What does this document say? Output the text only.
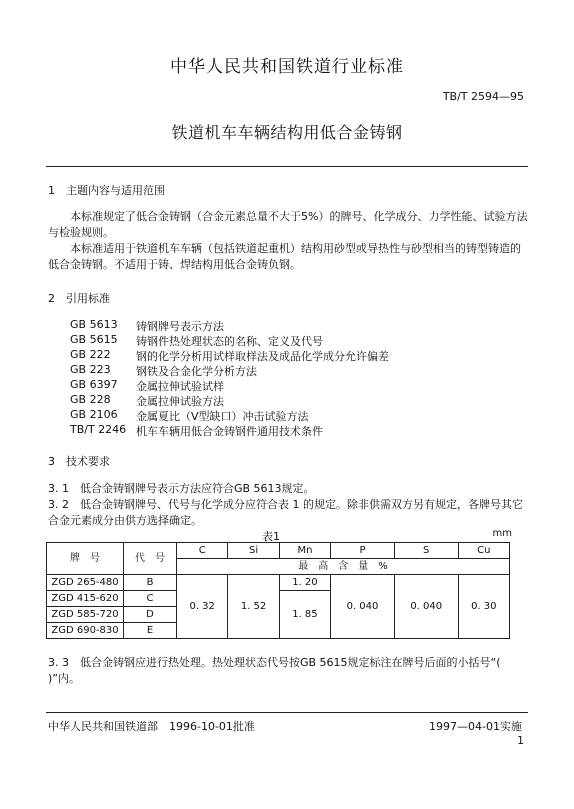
中华人民共和国铁道行业标准
TB/T 2594—95
铁道机车车辆结构用低合金铸钢
1　主题内容与适用范围
本标准规定了低合金铸钢（合金元素总量不大于5%）的牌号、化学成分、力学性能、试验方法与检验规则。
本标准适用于铁道机车车辆（包括铁道起重机）结构用砂型或导热性与砂型相当的铸型铸造的低合金铸钢。不适用于铸、焊结构用低合金铸负钢。
2　引用标准
GB 5613 铸钢牌号表示方法
GB 5615 铸钢件热处理状态的名称、定义及代号
GB 222 钢的化学分析用试样取样法及成品化学成分允许偏差
GB 223 钢铁及合金化学分析方法
GB 6397 金属拉伸试验试样
GB 228 金属拉伸试验方法
GB 2106 金属夏比（V型缺口）冲击试验方法
TB/T 2246 机车车辆用低合金铸钢件通用技术条件
3　技术要求
3. 1　低合金铸钢牌号表示方法应符合GB 5613规定。
3. 2　低合金铸钢牌号、代号与化学成分应符合表 1 的规定。除非供需双方另有规定，各牌号其它合金元素成分由供方选择确定。
表1	mm
牌　号	代　号	C	Si	Mn	P	S	Cu
		最　高　含　量　%					
ZGD 265-480	B	0. 32	1. 52	1. 20	0. 040	0. 040	0. 30
ZGD 415-620	C			1. 85			
ZGD 585-720	D						
ZGD 690-830	E						
3. 3　低合金铸钢应进行热处理。热处理状态代号按GB 5615规定标注在牌号后面的小括号“( )”内。
中华人民共和国铁道部　1996-10-01批准	1997—04-01实施
1
